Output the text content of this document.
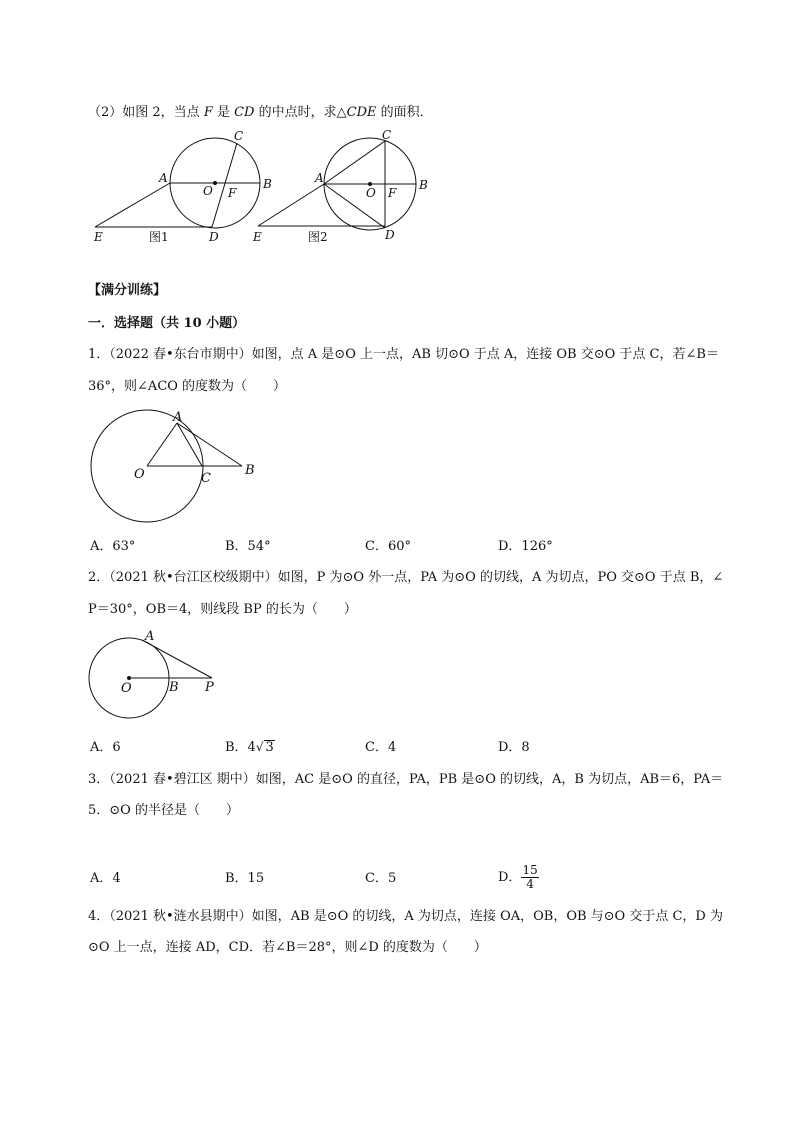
（2）如图 2，当点 F 是 CD 的中点时，求△CDE 的面积．
A	B
C
D
E
F
O
图1
A	B
C
D
E
F
O
图2
【满分训练】
一．选择题（共 10 小题）
1．（2022 春•东台市期中）如图，点 A 是⊙O 上一点，AB 切⊙O 于点 A，连接 OB 交⊙O 于点 C，若∠B＝
36°，则∠ACO 的度数为（　　）
A
B
C
O
A．63°	B．54°	C．60°	D．126°
2．（2021 秋•台江区校级期中）如图，P 为⊙O 外一点，PA 为⊙O 的切线，A 为切点，PO 交⊙O 于点 B，∠
P＝30°，OB＝4，则线段 BP 的长为（　　）
A
B
O	P
A．6	B．4√ 3	C．4	D．8
3．（2021 春•碧江区 期中）如图，AC 是⊙O 的直径，PA，PB 是⊙O 的切线，A，B 为切点，AB＝6，PA＝
5．⊙O 的半径是（　　）
A．4	B．15	C．5	D． $\frac{15}{4}$
4．（2021 秋•涟水县期中）如图，AB 是⊙O 的切线，A 为切点，连接 OA，OB，OB 与⊙O 交于点 C，D 为
⊙O 上一点，连接 AD，CD．若∠B＝28°，则∠D 的度数为（　　）
